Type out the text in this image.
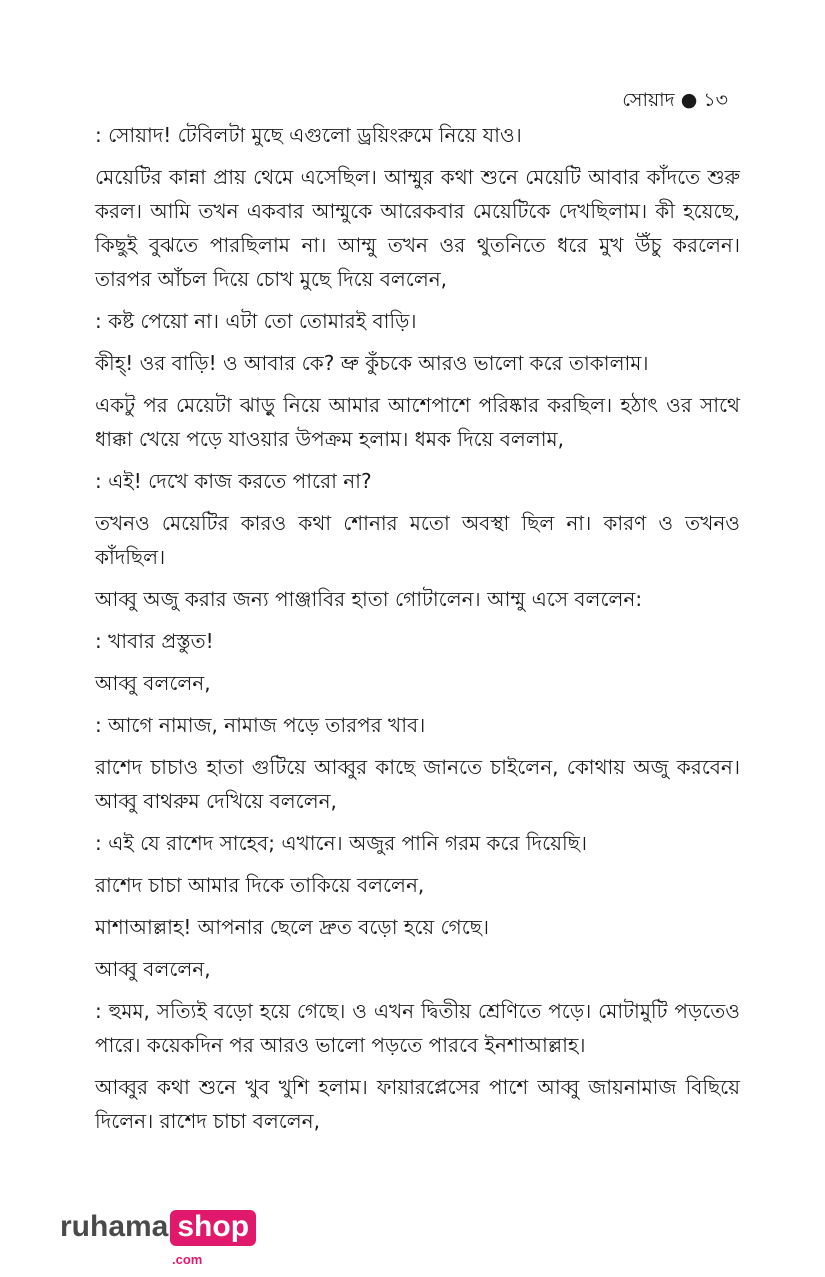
সোয়াদ ● ১৩

: সোয়াদ! টেবিলটা মুছে এগুলো ড্রয়িংরুমে নিয়ে যাও।

মেয়েটির কান্না প্রায় থেমে এসেছিল। আম্মুর কথা শুনে মেয়েটি আবার কাঁদতে শুরু করল। আমি তখন একবার আম্মুকে আরেকবার মেয়েটিকে দেখছিলাম। কী হয়েছে, কিছুই বুঝতে পারছিলাম না। আম্মু তখন ওর থুতনিতে ধরে মুখ উঁচু করলেন। তারপর আঁচল দিয়ে চোখ মুছে দিয়ে বললেন,

: কষ্ট পেয়ো না। এটা তো তোমারই বাড়ি।

কীহ্! ওর বাড়ি! ও আবার কে? ভ্রু কুঁচকে আরও ভালো করে তাকালাম।

একটু পর মেয়েটা ঝাড়ু নিয়ে আমার আশেপাশে পরিষ্কার করছিল। হঠাৎ ওর সাথে ধাক্কা খেয়ে পড়ে যাওয়ার উপক্রম হলাম। ধমক দিয়ে বললাম,

: এই! দেখে কাজ করতে পারো না?

তখনও মেয়েটির কারও কথা শোনার মতো অবস্থা ছিল না। কারণ ও তখনও কাঁদছিল।

আব্বু অজু করার জন্য পাঞ্জাবির হাতা গোটালেন। আম্মু এসে বললেন:

: খাবার প্রস্তুত!

আব্বু বললেন,

: আগে নামাজ, নামাজ পড়ে তারপর খাব।

রাশেদ চাচাও হাতা গুটিয়ে আব্বুর কাছে জানতে চাইলেন, কোথায় অজু করবেন। আব্বু বাথরুম দেখিয়ে বললেন,

: এই যে রাশেদ সাহেব; এখানে। অজুর পানি গরম করে দিয়েছি।

রাশেদ চাচা আমার দিকে তাকিয়ে বললেন,

মাশাআল্লাহ! আপনার ছেলে দ্রুত বড়ো হয়ে গেছে।

আব্বু বললেন,

: হুমম, সত্যিই বড়ো হয়ে গেছে। ও এখন দ্বিতীয় শ্রেণিতে পড়ে। মোটামুটি পড়তেও পারে। কয়েকদিন পর আরও ভালো পড়তে পারবে ইনশাআল্লাহ।

আব্বুর কথা শুনে খুব খুশি হলাম। ফায়ারপ্লেসের পাশে আব্বু জায়নামাজ বিছিয়ে দিলেন। রাশেদ চাচা বললেন,

ruhama shop
.com
